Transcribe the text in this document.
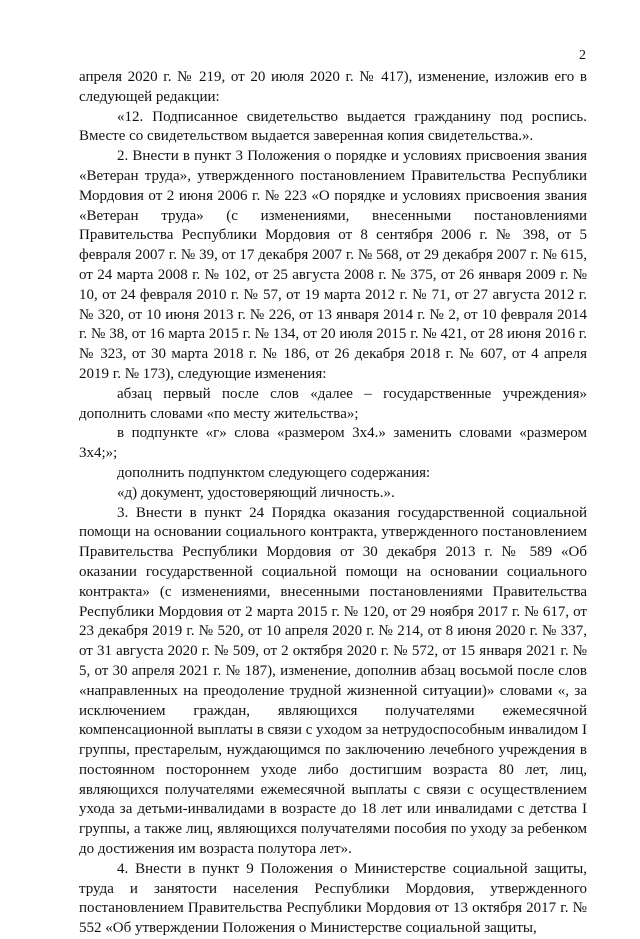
2

апреля 2020 г. № 219, от 20 июля 2020 г. № 417), изменение, изложив его в следующей редакции:

«12. Подписанное свидетельство выдается гражданину под роспись. Вместе со свидетельством выдается заверенная копия свидетельства.».

2. Внести в пункт 3 Положения о порядке и условиях присвоения звания «Ветеран труда», утвержденного постановлением Правительства Республики Мордовия от 2 июня 2006 г. № 223 «О порядке и условиях присвоения звания «Ветеран труда» (с изменениями, внесенными постановлениями Правительства Республики Мордовия от 8 сентября 2006 г. № 398, от 5 февраля 2007 г. № 39, от 17 декабря 2007 г. № 568, от 29 декабря 2007 г. № 615, от 24 марта 2008 г. № 102, от 25 августа 2008 г. № 375, от 26 января 2009 г. № 10, от 24 февраля 2010 г. № 57, от 19 марта 2012 г. № 71, от 27 августа 2012 г. № 320, от 10 июня 2013 г. № 226, от 13 января 2014 г. № 2, от 10 февраля 2014 г. № 38, от 16 марта 2015 г. № 134, от 20 июля 2015 г. № 421, от 28 июня 2016 г. № 323, от 30 марта 2018 г. № 186, от 26 декабря 2018 г. № 607, от 4 апреля 2019 г. № 173), следующие изменения:

абзац первый после слов «далее – государственные учреждения» дополнить словами «по месту жительства»;

в подпункте «г» слова «размером 3х4.» заменить словами «размером 3х4;»;

дополнить подпунктом следующего содержания:

«д) документ, удостоверяющий личность.».

3. Внести в пункт 24 Порядка оказания государственной социальной помощи на основании социального контракта, утвержденного постановлением Правительства Республики Мордовия от 30 декабря 2013 г. № 589 «Об оказании государственной социальной помощи на основании социального контракта» (с изменениями, внесенными постановлениями Правительства Республики Мордовия от 2 марта 2015 г. № 120, от 29 ноября 2017 г. № 617, от 23 декабря 2019 г. № 520, от 10 апреля 2020 г. № 214, от 8 июня 2020 г. № 337, от 31 августа 2020 г. № 509, от 2 октября 2020 г. № 572, от 15 января 2021 г. № 5, от 30 апреля 2021 г. № 187), изменение, дополнив абзац восьмой после слов «направленных на преодоление трудной жизненной ситуации)» словами «, за исключением граждан, являющихся получателями ежемесячной компенсационной выплаты в связи с уходом за нетрудоспособным инвалидом I группы, престарелым, нуждающимся по заключению лечебного учреждения в постоянном постороннем уходе либо достигшим возраста 80 лет, лиц, являющихся получателями ежемесячной выплаты с связи с осуществлением ухода за детьми-инвалидами в возрасте до 18 лет или инвалидами с детства I группы, а также лиц, являющихся получателями пособия по уходу за ребенком до достижения им возраста полутора лет».

4. Внести в пункт 9 Положения о Министерстве социальной защиты, труда и занятости населения Республики Мордовия, утвержденного постановлением Правительства Республики Мордовия от 13 октября 2017 г. № 552 «Об утверждении Положения о Министерстве социальной защиты,
